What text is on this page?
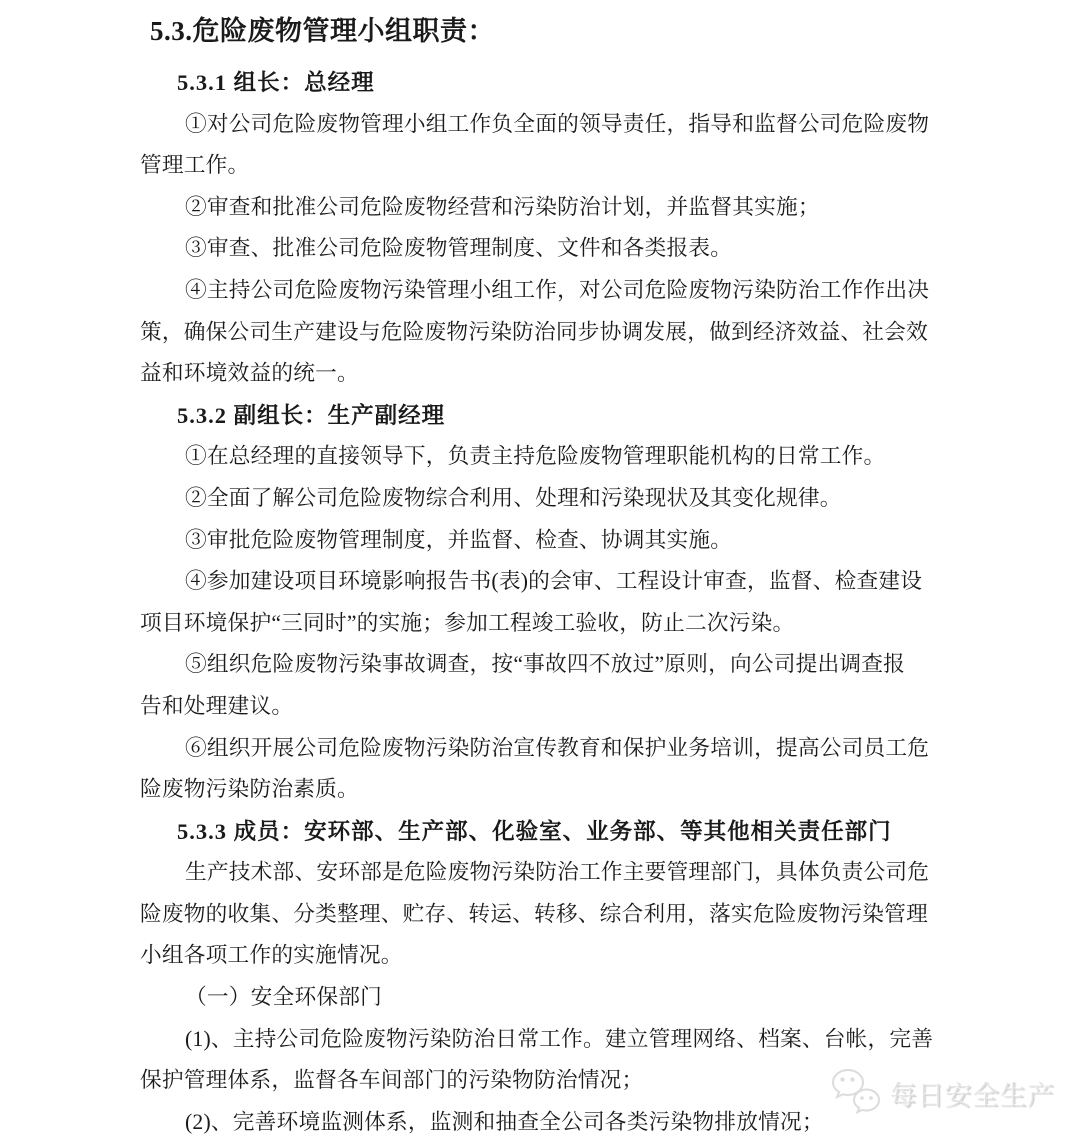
5.3.危险废物管理小组职责：
5.3.1 组长：总经理
①对公司危险废物管理小组工作负全面的领导责任，指导和监督公司危险废物
管理工作。
②审查和批准公司危险废物经营和污染防治计划，并监督其实施；
③审查、批准公司危险废物管理制度、文件和各类报表。
④主持公司危险废物污染管理小组工作，对公司危险废物污染防治工作作出决
策，确保公司生产建设与危险废物污染防治同步协调发展，做到经济效益、社会效
益和环境效益的统一。
5.3.2 副组长：生产副经理
①在总经理的直接领导下，负责主持危险废物管理职能机构的日常工作。
②全面了解公司危险废物综合利用、处理和污染现状及其变化规律。
③审批危险废物管理制度，并监督、检查、协调其实施。
④参加建设项目环境影响报告书(表)的会审、工程设计审查，监督、检查建设
项目环境保护“三同时”的实施；参加工程竣工验收，防止二次污染。
⑤组织危险废物污染事故调查，按“事故四不放过”原则，向公司提出调查报
告和处理建议。
⑥组织开展公司危险废物污染防治宣传教育和保护业务培训，提高公司员工危
险废物污染防治素质。
5.3.3 成员：安环部、生产部、化验室、业务部、等其他相关责任部门
生产技术部、安环部是危险废物污染防治工作主要管理部门，具体负责公司危
险废物的收集、分类整理、贮存、转运、转移、综合利用，落实危险废物污染管理
小组各项工作的实施情况。
（一）安全环保部门
(1)、主持公司危险废物污染防治日常工作。建立管理网络、档案、台帐，完善
保护管理体系，监督各车间部门的污染物防治情况；
(2)、完善环境监测体系，监测和抽查全公司各类污染物排放情况；
每日安全生产
